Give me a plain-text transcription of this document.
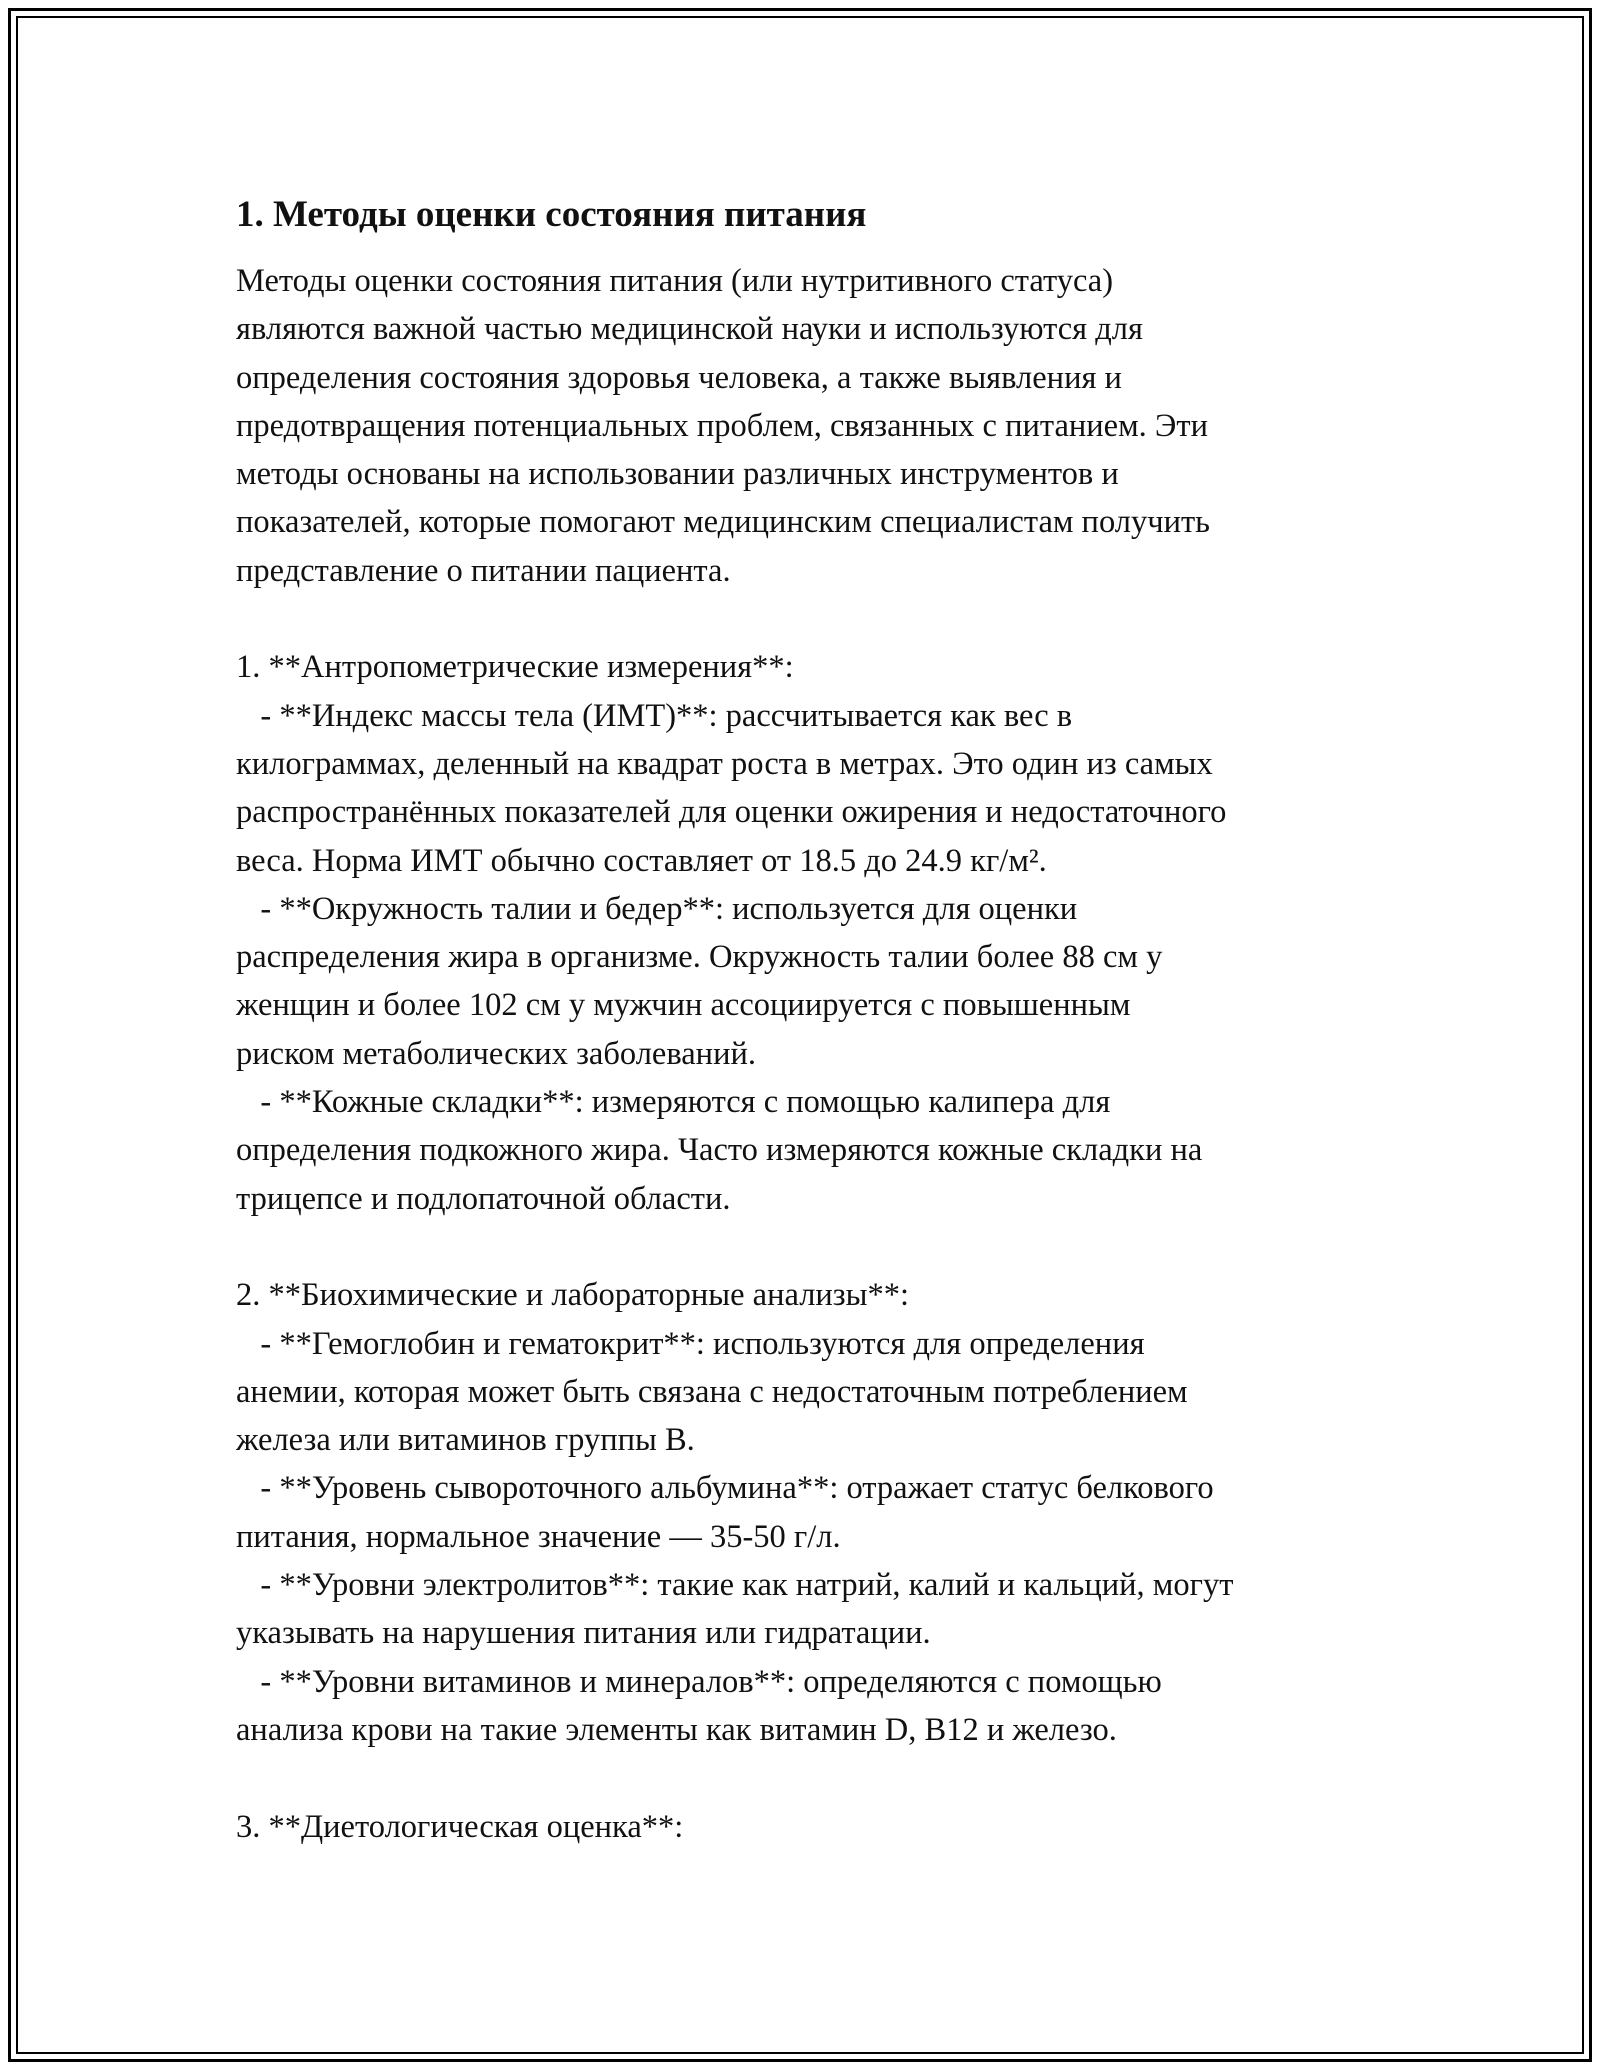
1. Методы оценки состояния питания
Методы оценки состояния питания (или нутритивного статуса)
являются важной частью медицинской науки и используются для
определения состояния здоровья человека, а также выявления и
предотвращения потенциальных проблем, связанных с питанием. Эти
методы основаны на использовании различных инструментов и
показателей, которые помогают медицинским специалистам получить
представление о питании пациента.
1. **Антропометрические измерения**:
- **Индекс массы тела (ИМТ)**: рассчитывается как вес в
килограммах, деленный на квадрат роста в метрах. Это один из самых
распространённых показателей для оценки ожирения и недостаточного
веса. Норма ИМТ обычно составляет от 18.5 до 24.9 кг/м².
- **Окружность талии и бедер**: используется для оценки
распределения жира в организме. Окружность талии более 88 см у
женщин и более 102 см у мужчин ассоциируется с повышенным
риском метаболических заболеваний.
- **Кожные складки**: измеряются с помощью калипера для
определения подкожного жира. Часто измеряются кожные складки на
трицепсе и подлопаточной области.
2. **Биохимические и лабораторные анализы**:
- **Гемоглобин и гематокрит**: используются для определения
анемии, которая может быть связана с недостаточным потреблением
железа или витаминов группы B.
- **Уровень сывороточного альбумина**: отражает статус белкового
питания, нормальное значение — 35-50 г/л.
- **Уровни электролитов**: такие как натрий, калий и кальций, могут
указывать на нарушения питания или гидратации.
- **Уровни витаминов и минералов**: определяются с помощью
анализа крови на такие элементы как витамин D, B12 и железо.
3. **Диетологическая оценка**:
